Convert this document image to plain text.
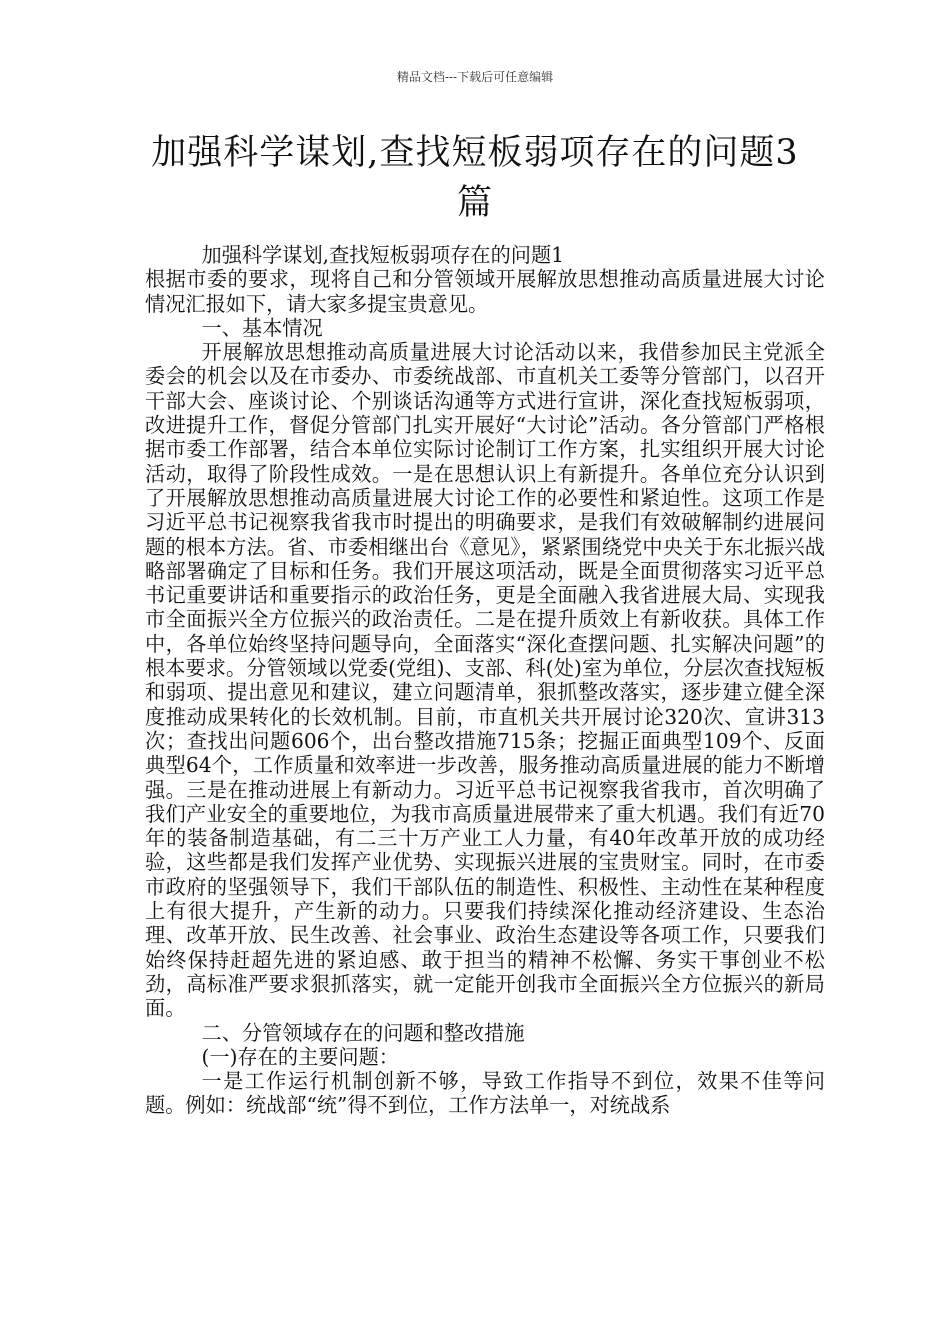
精品文档---下载后可任意编辑
加强科学谋划,查找短板弱项存在的问题3篇

加强科学谋划,查找短板弱项存在的问题1

根据市委的要求，现将自己和分管领域开展解放思想推动高质量进展大讨论情况汇报如下，请大家多提宝贵意见。

一、基本情况

开展解放思想推动高质量进展大讨论活动以来，我借参加民主党派全委会的机会以及在市委办、市委统战部、市直机关工委等分管部门，以召开干部大会、座谈讨论、个别谈话沟通等方式进行宣讲，深化查找短板弱项，改进提升工作，督促分管部门扎实开展好“大讨论”活动。各分管部门严格根据市委工作部署，结合本单位实际讨论制订工作方案，扎实组织开展大讨论活动，取得了阶段性成效。一是在思想认识上有新提升。各单位充分认识到了开展解放思想推动高质量进展大讨论工作的必要性和紧迫性。这项工作是习近平总书记视察我省我市时提出的明确要求，是我们有效破解制约进展问题的根本方法。省、市委相继出台《意见》，紧紧围绕党中央关于东北振兴战略部署确定了目标和任务。我们开展这项活动，既是全面贯彻落实习近平总书记重要讲话和重要指示的政治任务，更是全面融入我省进展大局、实现我市全面振兴全方位振兴的政治责任。二是在提升质效上有新收获。具体工作中，各单位始终坚持问题导向，全面落实“深化查摆问题、扎实解决问题”的根本要求。分管领域以党委(党组)、支部、科(处)室为单位，分层次查找短板和弱项、提出意见和建议，建立问题清单，狠抓整改落实，逐步建立健全深度推动成果转化的长效机制。目前，市直机关共开展讨论320次、宣讲313次；查找出问题606个，出台整改措施715条；挖掘正面典型109个、反面典型64个，工作质量和效率进一步改善，服务推动高质量进展的能力不断增强。三是在推动进展上有新动力。习近平总书记视察我省我市，首次明确了我们产业安全的重要地位，为我市高质量进展带来了重大机遇。我们有近70年的装备制造基础，有二三十万产业工人力量，有40年改革开放的成功经验，这些都是我们发挥产业优势、实现振兴进展的宝贵财宝。同时，在市委市政府的坚强领导下，我们干部队伍的制造性、积极性、主动性在某种程度上有很大提升，产生新的动力。只要我们持续深化推动经济建设、生态治理、改革开放、民生改善、社会事业、政治生态建设等各项工作，只要我们始终保持赶超先进的紧迫感、敢于担当的精神不松懈、务实干事创业不松劲，高标准严要求狠抓落实，就一定能开创我市全面振兴全方位振兴的新局面。

二、分管领域存在的问题和整改措施

(一)存在的主要问题：

一是工作运行机制创新不够，导致工作指导不到位，效果不佳等问题。例如：统战部“统”得不到位，工作方法单一，对统战系
